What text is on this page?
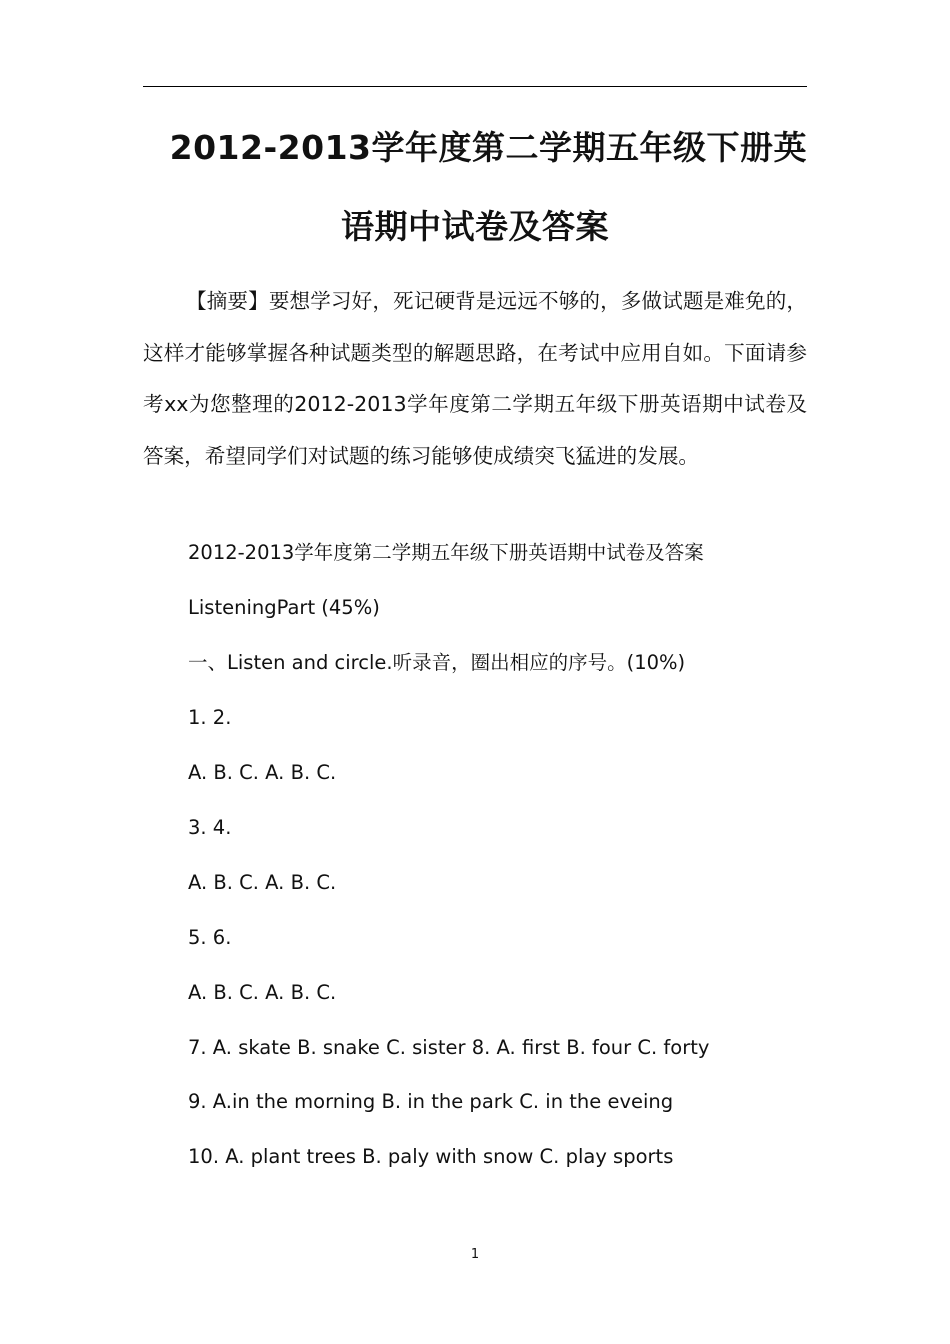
2012-2013学年度第二学期五年级下册英
语期中试卷及答案
【摘要】要想学习好，死记硬背是远远不够的，多做试题是难免的，这样才能够掌握各种试题类型的解题思路，在考试中应用自如。下面请参考xx为您整理的2012-2013学年度第二学期五年级下册英语期中试卷及答案，希望同学们对试题的练习能够使成绩突飞猛进的发展。
2012-2013学年度第二学期五年级下册英语期中试卷及答案
ListeningPart (45%)
一、Listen and circle.听录音，圈出相应的序号。(10%)
1. 2.
A. B. C. A. B. C.
3. 4.
A. B. C. A. B. C.
5. 6.
A. B. C. A. B. C.
7. A. skate B. snake C. sister 8. A. first B. four C. forty
9. A.in the morning B. in the park C. in the eveing
10. A. plant trees B. paly with snow C. play sports
1
